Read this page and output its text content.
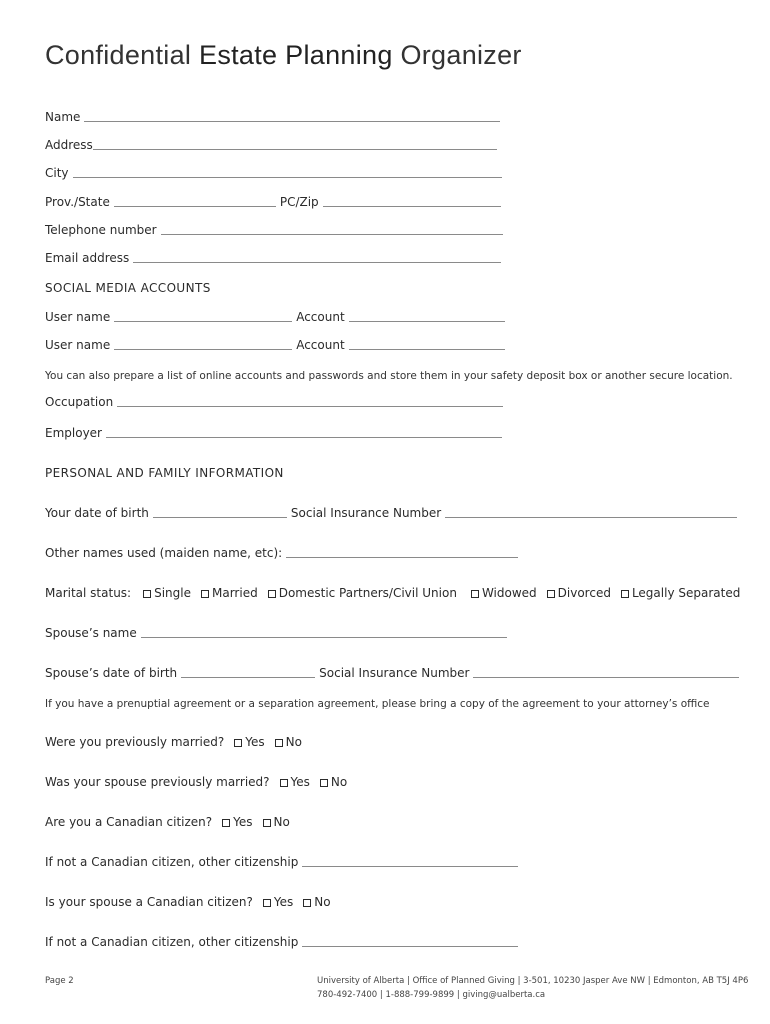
Confidential Estate Planning Organizer
Name
Address
City
Prov./State	PC/Zip
Telephone number
Email address
SOCIAL MEDIA ACCOUNTS
User name	Account
User name	Account
You can also prepare a list of online accounts and passwords and store them in your safety deposit box or another secure location.
Occupation
Employer
PERSONAL AND FAMILY INFORMATION
Your date of birth	Social Insurance Number
Other names used (maiden name, etc):
Marital status: Single Married Domestic Partners/Civil Union Widowed Divorced Legally Separated
Spouse’s name
Spouse’s date of birth	Social Insurance Number
If you have a prenuptial agreement or a separation agreement, please bring a copy of the agreement to your attorney’s office
Were you previously married? Yes No
Was your spouse previously married? Yes No
Are you a Canadian citizen? Yes No
If not a Canadian citizen, other citizenship
Is your spouse a Canadian citizen? Yes No
If not a Canadian citizen, other citizenship
Page 2	University of Alberta | Office of Planned Giving | 3-501, 10230 Jasper Ave NW | Edmonton, AB T5J 4P6
780-492-7400 | 1-888-799-9899 | giving@ualberta.ca
